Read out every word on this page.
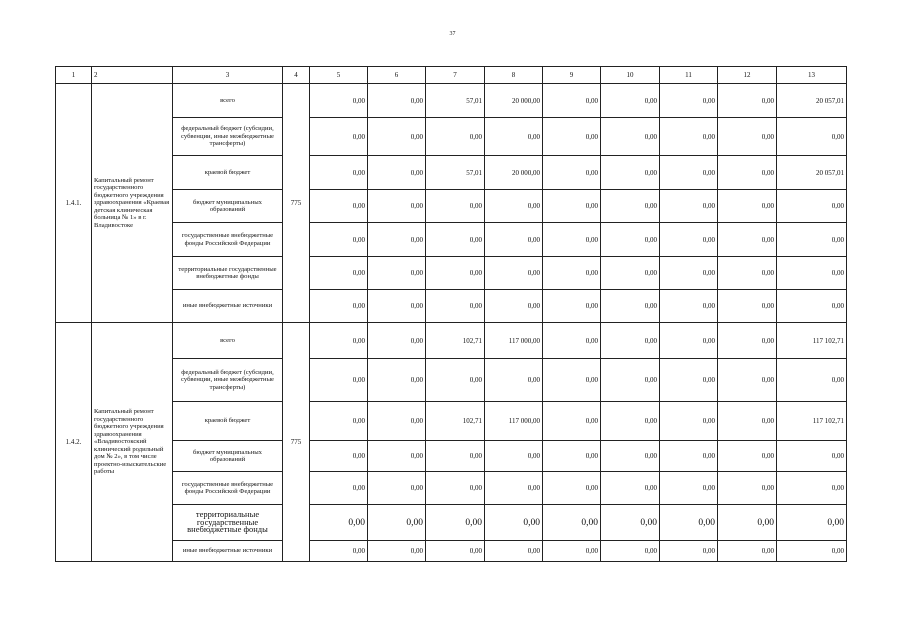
37
1	2	3	4	5	6	7	8	9	10	11	12	13
1.4.1.	Капитальный ремонт государственного бюджетного учреждения здравоохранения «Краевая детская клиническая больница № 1» в г. Владивостоке	всего	775	0,00	0,00	57,01	20 000,00	0,00	0,00	0,00	0,00	20 057,01
		федеральный бюджет (субсидии, субвенции, иные межбюджетные трансферты)		0,00	0,00	0,00	0,00	0,00	0,00	0,00	0,00	0,00
		краевой бюджет		0,00	0,00	57,01	20 000,00	0,00	0,00	0,00	0,00	20 057,01
		бюджет муниципальных образований		0,00	0,00	0,00	0,00	0,00	0,00	0,00	0,00	0,00
		государственные внебюджетные фонды Российской Федерации		0,00	0,00	0,00	0,00	0,00	0,00	0,00	0,00	0,00
		территориальные государственные внебюджетные фонды		0,00	0,00	0,00	0,00	0,00	0,00	0,00	0,00	0,00
		иные внебюджетные источники		0,00	0,00	0,00	0,00	0,00	0,00	0,00	0,00	0,00
1.4.2.	Капитальный ремонт государственного бюджетного учреждения здравоохранения «Владивостокский клинический родильный дом № 2», в том числе проектно-изыскательские работы	всего	775	0,00	0,00	102,71	117 000,00	0,00	0,00	0,00	0,00	117 102,71
		федеральный бюджет (субсидии, субвенции, иные межбюджетные трансферты)		0,00	0,00	0,00	0,00	0,00	0,00	0,00	0,00	0,00
		краевой бюджет		0,00	0,00	102,71	117 000,00	0,00	0,00	0,00	0,00	117 102,71
		бюджет муниципальных образований		0,00	0,00	0,00	0,00	0,00	0,00	0,00	0,00	0,00
		государственные внебюджетные фонды Российской Федерации		0,00	0,00	0,00	0,00	0,00	0,00	0,00	0,00	0,00
		территориальные государственные внебюджетные фонды		0,00	0,00	0,00	0,00	0,00	0,00	0,00	0,00	0,00
		иные внебюджетные источники		0,00	0,00	0,00	0,00	0,00	0,00	0,00	0,00	0,00
